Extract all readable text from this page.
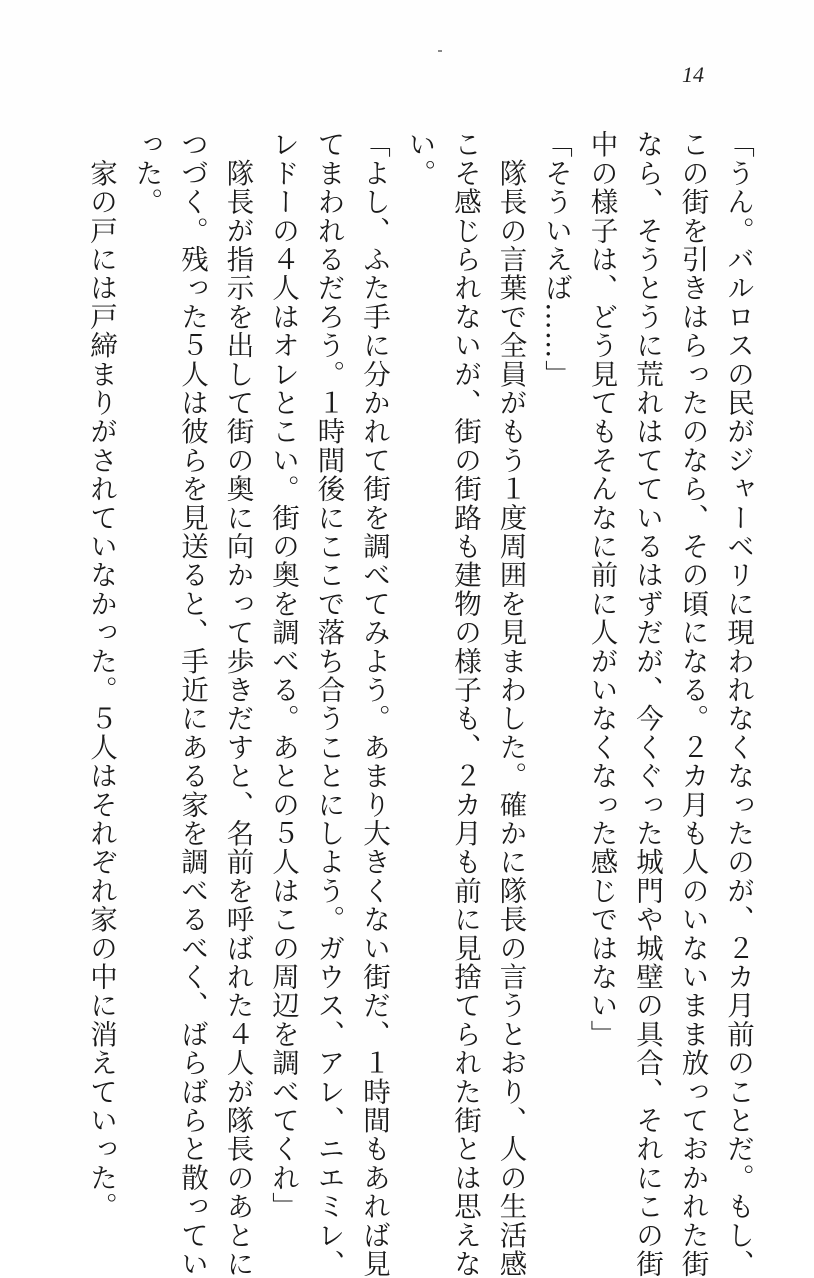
14

「うん。バルロスの民がジャーベリに現われなくなったのが、２カ月前のことだ。もし、

この街を引きはらったのなら、その頃になる。２カ月も人のいないまま放っておかれた街

なら、そうとうに荒れはてているはずだが、今くぐった城門や城壁の具合、それにこの街

中の様子は、どう見てもそんなに前に人がいなくなった感じではない」

「そういえば……」

　隊長の言葉で全員がもう１度周囲を見まわした。確かに隊長の言うとおり、人の生活感

こそ感じられないが、街の街路も建物の様子も、２カ月も前に見捨てられた街とは思えな

い。

「よし、ふた手に分かれて街を調べてみよう。あまり大きくない街だ、１時間もあれば見

てまわれるだろう。１時間後にここで落ち合うことにしよう。ガウス、アレ、ニエミレ、

レドーの４人はオレとこい。街の奥を調べる。あとの５人はこの周辺を調べてくれ」

　隊長が指示を出して街の奥に向かって歩きだすと、名前を呼ばれた４人が隊長のあとに

つづく。残った５人は彼らを見送ると、手近にある家を調べるべく、ばらばらと散ってい

った。

　家の戸には戸締まりがされていなかった。５人はそれぞれ家の中に消えていった。
